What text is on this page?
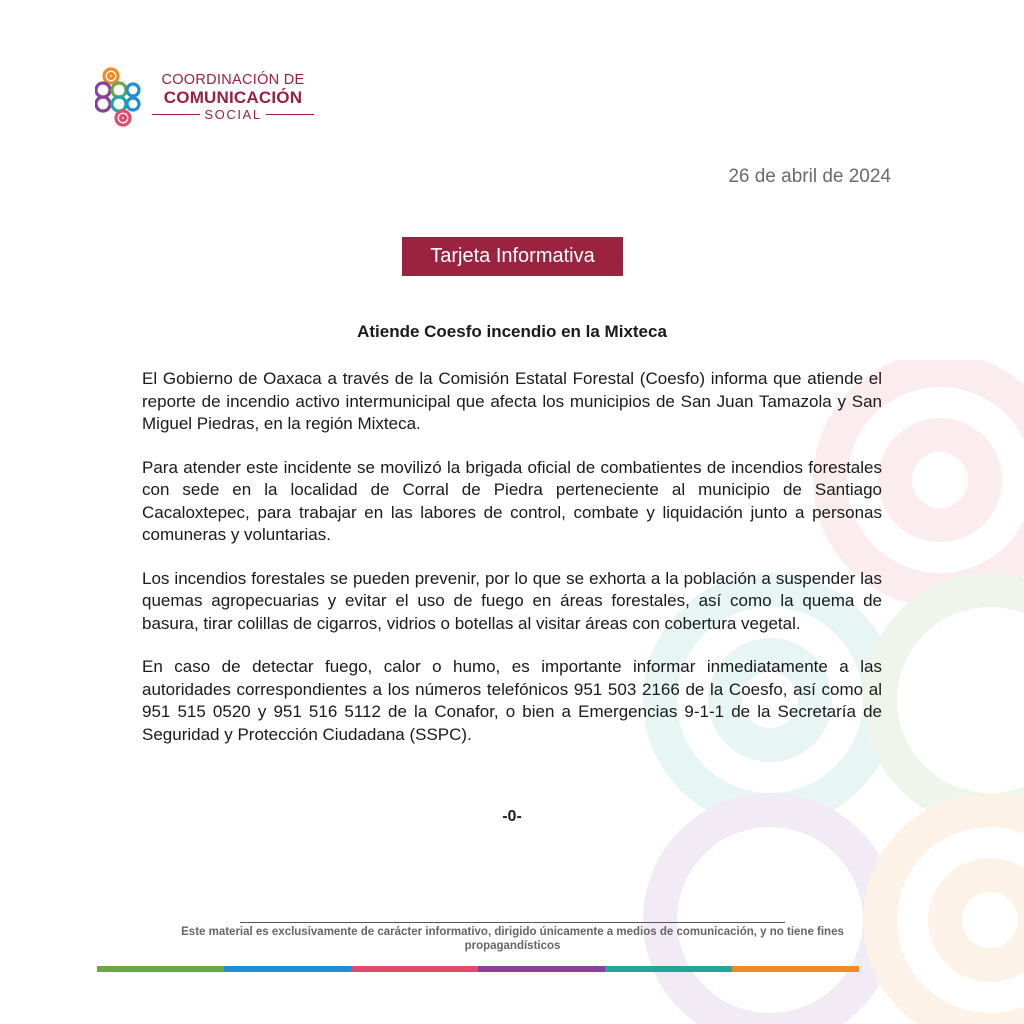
COORDINACIÓN DE
COMUNICACIÓN
SOCIAL
26 de abril de 2024
Tarjeta Informativa
Atiende Coesfo incendio en la Mixteca

El Gobierno de Oaxaca a través de la Comisión Estatal Forestal (Coesfo) informa que atiende el reporte de incendio activo intermunicipal que afecta los municipios de San Juan Tamazola y San Miguel Piedras, en la región Mixteca.

Para atender este incidente se movilizó la brigada oficial de combatientes de incendios forestales con sede en la localidad de Corral de Piedra perteneciente al municipio de Santiago Cacaloxtepec, para trabajar en las labores de control, combate y liquidación junto a personas comuneras y voluntarias.

Los incendios forestales se pueden prevenir, por lo que se exhorta a la población a suspender las quemas agropecuarias y evitar el uso de fuego en áreas forestales, así como la quema de basura, tirar colillas de cigarros, vidrios o botellas al visitar áreas con cobertura vegetal.

En caso de detectar fuego, calor o humo, es importante informar inmediatamente a las autoridades correspondientes a los números telefónicos 951 503 2166 de la Coesfo, así como al 951 515 0520 y 951 516 5112 de la Conafor, o bien a Emergencias 9-1-1 de la Secretaría de Seguridad y Protección Ciudadana (SSPC).

-0-
Este material es exclusivamente de carácter informativo, dirigido únicamente a medios de comunicación, y no tiene fines propagandísticos
